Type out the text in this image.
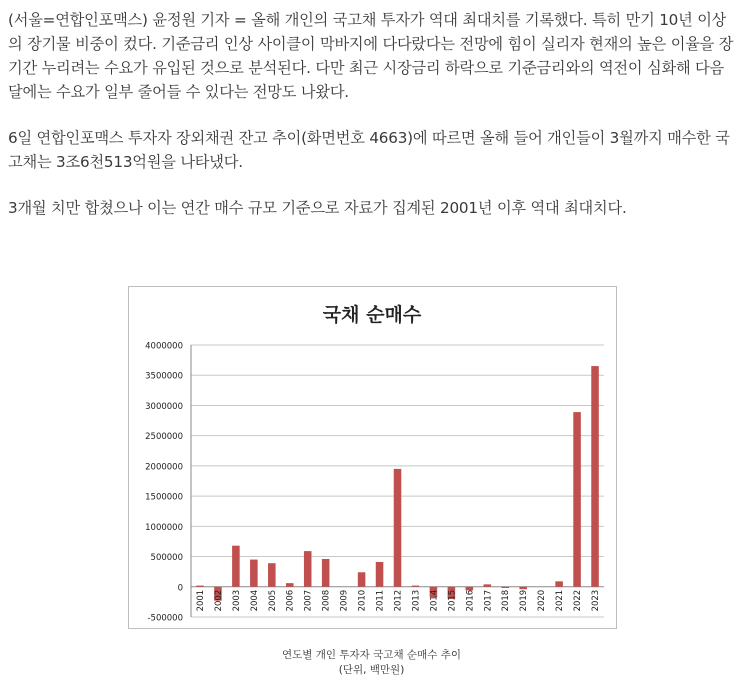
(서울=연합인포맥스) 윤정원 기자 = 올해 개인의 국고채 투자가 역대 최대치를 기록했다. 특히 만기 10년 이상의 장기물 비중이 컸다. 기준금리 인상 사이클이 막바지에 다다랐다는 전망에 힘이 실리자 현재의 높은 이율을 장기간 누리려는 수요가 유입된 것으로 분석된다. 다만 최근 시장금리 하락으로 기준금리와의 역전이 심화해 다음 달에는 수요가 일부 줄어들 수 있다는 전망도 나왔다.

6일 연합인포맥스 투자자 장외채권 잔고 추이(화면번호 4663)에 따르면 올해 들어 개인들이 3월까지 매수한 국고채는 3조6천513억원을 나타냈다.

3개월 치만 합쳤으나 이는 연간 매수 규모 기준으로 자료가 집계된 2001년 이후 역대 최대치다.

국채 순매수
-500000
0
500000
1000000
1500000
2000000
2500000
3000000
3500000
4000000
2001 2002 2003 2004 2005 2006 2007 2008 2009 2010 2011 2012 2013 2014 2015 2016 2017 2018 2019 2020 2021 2022 2023
연도별 개인 투자자 국고채 순매수 추이
(단위, 백만원)
